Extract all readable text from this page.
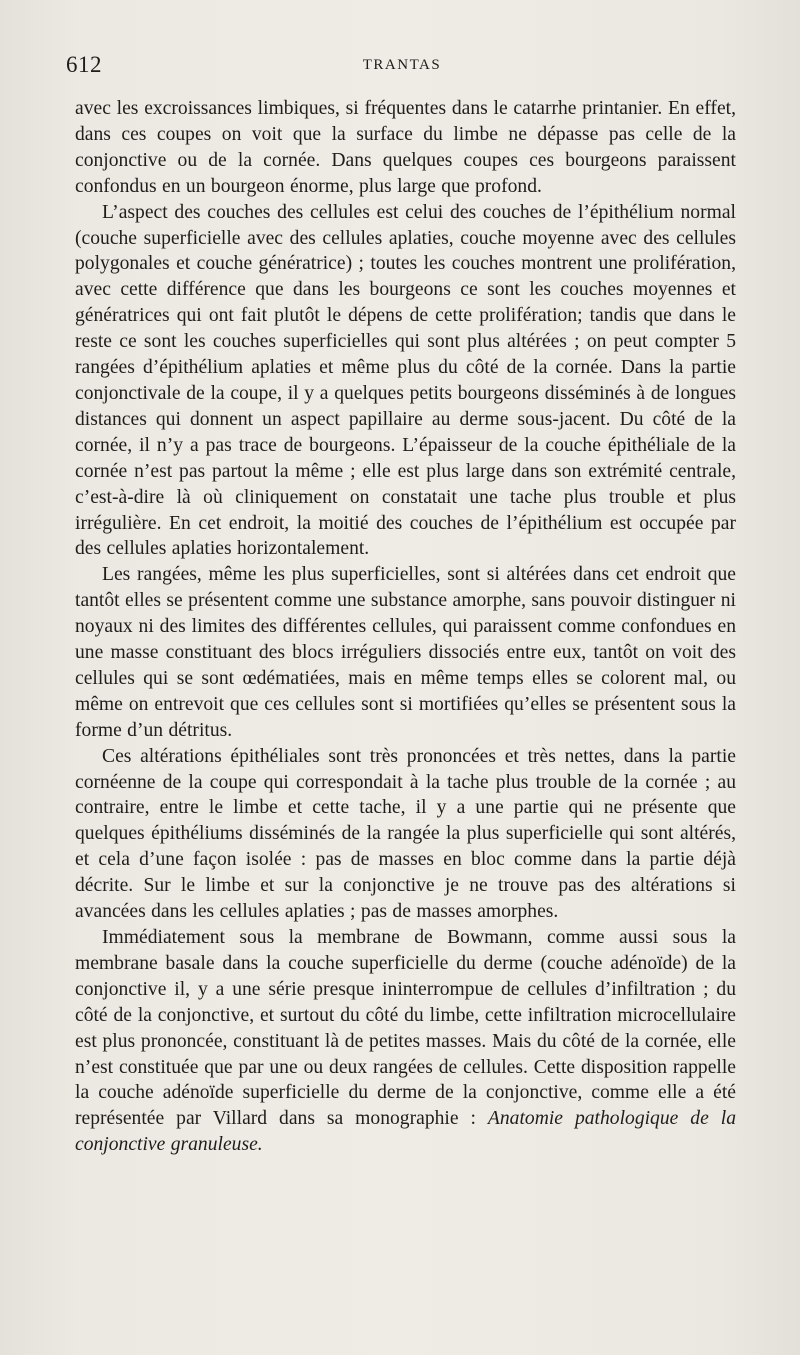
612	TRANTAS

avec les excroissances limbiques, si fréquentes dans le catarrhe printanier. En effet, dans ces coupes on voit que la surface du limbe ne dépasse pas celle de la conjonctive ou de la cornée. Dans quelques coupes ces bourgeons paraissent confondus en un bourgeon énorme, plus large que profond.

L’aspect des couches des cellules est celui des couches de l’épithélium normal (couche superficielle avec des cellules aplaties, couche moyenne avec des cellules polygonales et couche génératrice) ; toutes les couches montrent une prolifération, avec cette différence que dans les bourgeons ce sont les couches moyennes et génératrices qui ont fait plutôt le dépens de cette prolifération; tandis que dans le reste ce sont les couches superficielles qui sont plus altérées ; on peut compter 5 rangées d’épithélium aplaties et même plus du côté de la cornée. Dans la partie conjonctivale de la coupe, il y a quelques petits bourgeons disséminés à de longues distances qui donnent un aspect papillaire au derme sous-jacent. Du côté de la cornée, il n’y a pas trace de bourgeons. L’épaisseur de la couche épithéliale de la cornée n’est pas partout la même ; elle est plus large dans son extrémité centrale, c’est-à-dire là où cliniquement on constatait une tache plus trouble et plus irrégulière. En cet endroit, la moitié des couches de l’épithélium est occupée par des cellules aplaties horizontalement.

Les rangées, même les plus superficielles, sont si altérées dans cet endroit que tantôt elles se présentent comme une substance amorphe, sans pouvoir distinguer ni noyaux ni des limites des différentes cellules, qui paraissent comme confondues en une masse constituant des blocs irréguliers dissociés entre eux, tantôt on voit des cellules qui se sont œdématiées, mais en même temps elles se colorent mal, ou même on entrevoit que ces cellules sont si mortifiées qu’elles se présentent sous la forme d’un détritus.

Ces altérations épithéliales sont très prononcées et très nettes, dans la partie cornéenne de la coupe qui correspondait à la tache plus trouble de la cornée ; au contraire, entre le limbe et cette tache, il y a une partie qui ne présente que quelques épithéliums disséminés de la rangée la plus superficielle qui sont altérés, et cela d’une façon isolée : pas de masses en bloc comme dans la partie déjà décrite. Sur le limbe et sur la conjonctive je ne trouve pas des altérations si avancées dans les cellules aplaties ; pas de masses amorphes.

Immédiatement sous la membrane de Bowmann, comme aussi sous la membrane basale dans la couche superficielle du derme (couche adénoïde) de la conjonctive il, y a une série presque ininterrompue de cellules d’infiltration ; du côté de la conjonctive, et surtout du côté du limbe, cette infiltration microcellulaire est plus prononcée, constituant là de petites masses. Mais du côté de la cornée, elle n’est constituée que par une ou deux rangées de cellules. Cette disposition rappelle la couche adénoïde superficielle du derme de la conjonctive, comme elle a été représentée par Villard dans sa monographie : Anatomie pathologique de la conjonctive granuleuse.
